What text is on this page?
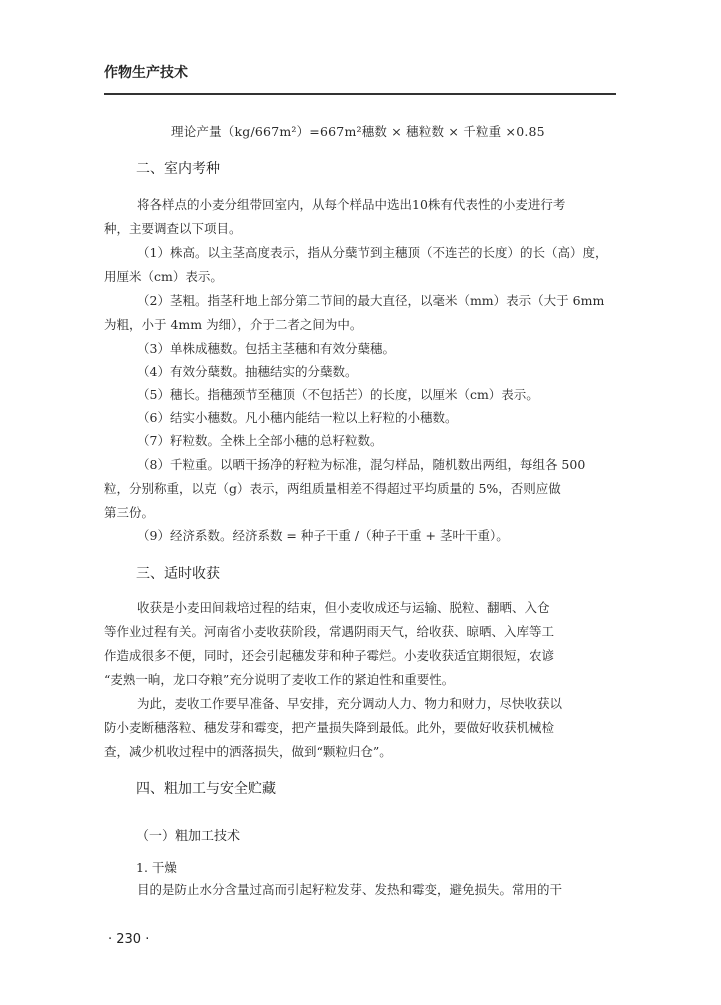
作物生产技术
理论产量（kg/667m²）=667m²穗数 × 穗粒数 × 千粒重 ×0.85
二、室内考种
将各样点的小麦分组带回室内，从每个样品中选出10株有代表性的小麦进行考
种，主要调查以下项目。
（1）株高。以主茎高度表示，指从分蘖节到主穗顶（不连芒的长度）的长（高）度，
用厘米（cm）表示。
（2）茎粗。指茎秆地上部分第二节间的最大直径，以毫米（mm）表示（大于 6mm
为粗，小于 4mm 为细），介于二者之间为中。
（3）单株成穗数。包括主茎穗和有效分蘖穗。
（4）有效分蘖数。抽穗结实的分蘖数。
（5）穗长。指穗颈节至穗顶（不包括芒）的长度，以厘米（cm）表示。
（6）结实小穗数。凡小穗内能结一粒以上籽粒的小穗数。
（7）籽粒数。全株上全部小穗的总籽粒数。
（8）千粒重。以晒干扬净的籽粒为标准，混匀样品，随机数出两组，每组各 500
粒，分别称重，以克（g）表示，两组质量相差不得超过平均质量的 5%，否则应做
第三份。
（9）经济系数。经济系数 = 种子干重 /（种子干重 + 茎叶干重）。
三、适时收获
收获是小麦田间栽培过程的结束，但小麦收成还与运输、脱粒、翻晒、入仓
等作业过程有关。河南省小麦收获阶段，常遇阴雨天气，给收获、晾晒、入库等工
作造成很多不便，同时，还会引起穗发芽和种子霉烂。小麦收获适宜期很短，农谚
“麦熟一晌，龙口夺粮”充分说明了麦收工作的紧迫性和重要性。
为此，麦收工作要早准备、早安排，充分调动人力、物力和财力，尽快收获以
防小麦断穗落粒、穗发芽和霉变，把产量损失降到最低。此外，要做好收获机械检
查，减少机收过程中的洒落损失，做到“颗粒归仓”。
四、粗加工与安全贮藏
（一）粗加工技术
1. 干燥
目的是防止水分含量过高而引起籽粒发芽、发热和霉变，避免损失。常用的干
· 230 ·
